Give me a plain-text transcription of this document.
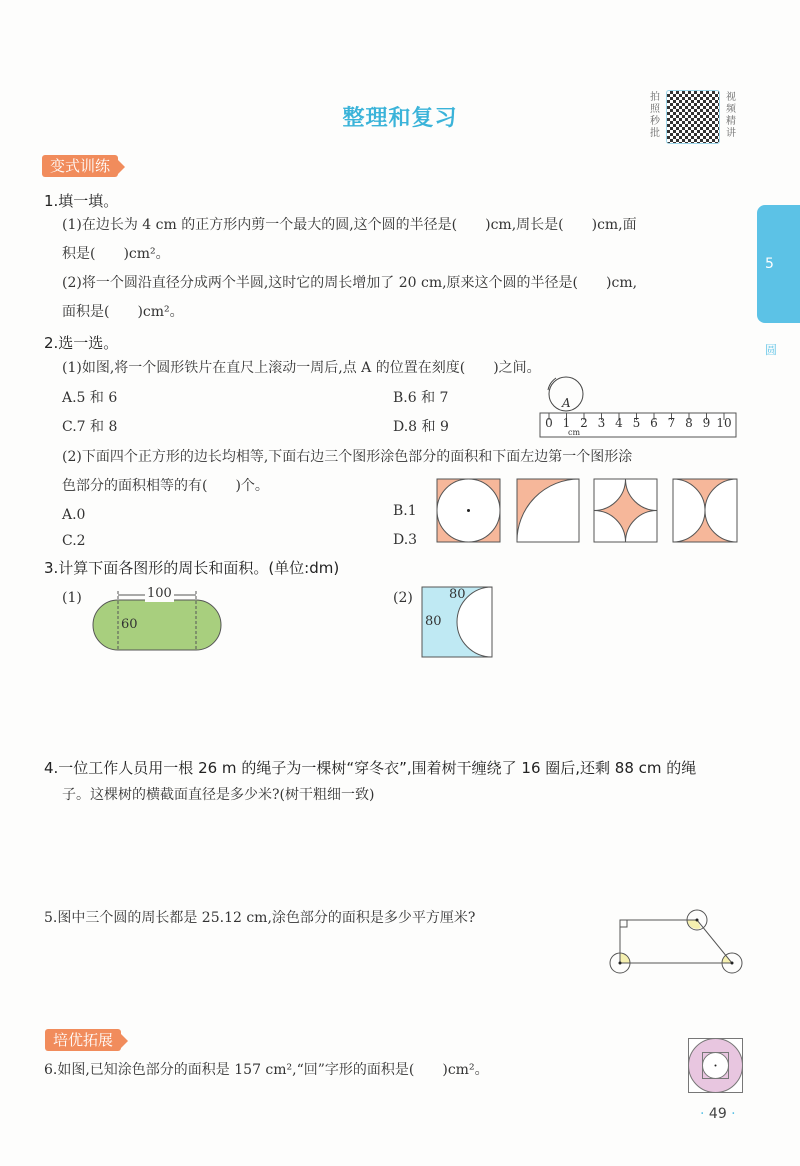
整理和复习
拍照秒批
视频精讲
5
圆
变式训练
1.填一填。
(1)在边长为 4 cm 的正方形内剪一个最大的圆,这个圆的半径是(　　)cm,周长是(　　)cm,面
积是(　　)cm²。
(2)将一个圆沿直径分成两个半圆,这时它的周长增加了 20 cm,原来这个圆的半径是(　　)cm,
面积是(　　)cm²。
2.选一选。
(1)如图,将一个圆形铁片在直尺上滚动一周后,点 A 的位置在刻度(　　)之间。
A.5 和 6	B.6 和 7
C.7 和 8	D.8 和 9
A
0 1 2 3 4 5 6 7 8 9 10
cm
(2)下面四个正方形的边长均相等,下面右边三个图形涂色部分的面积和下面左边第一个图形涂
色部分的面积相等的有(　　)个。
A.0	B.1
C.2	D.3
3.计算下面各图形的周长和面积。(单位:dm)
(1)	100
60
(2)	80
80
4.一位工作人员用一根 26 m 的绳子为一棵树“穿冬衣”,围着树干缠绕了 16 圈后,还剩 88 cm 的绳
子。这棵树的横截面直径是多少米?(树干粗细一致)
5.图中三个圆的周长都是 25.12 cm,涂色部分的面积是多少平方厘米?
培优拓展
6.如图,已知涂色部分的面积是 157 cm²,“回”字形的面积是(　　)cm²。
· 49 ·
